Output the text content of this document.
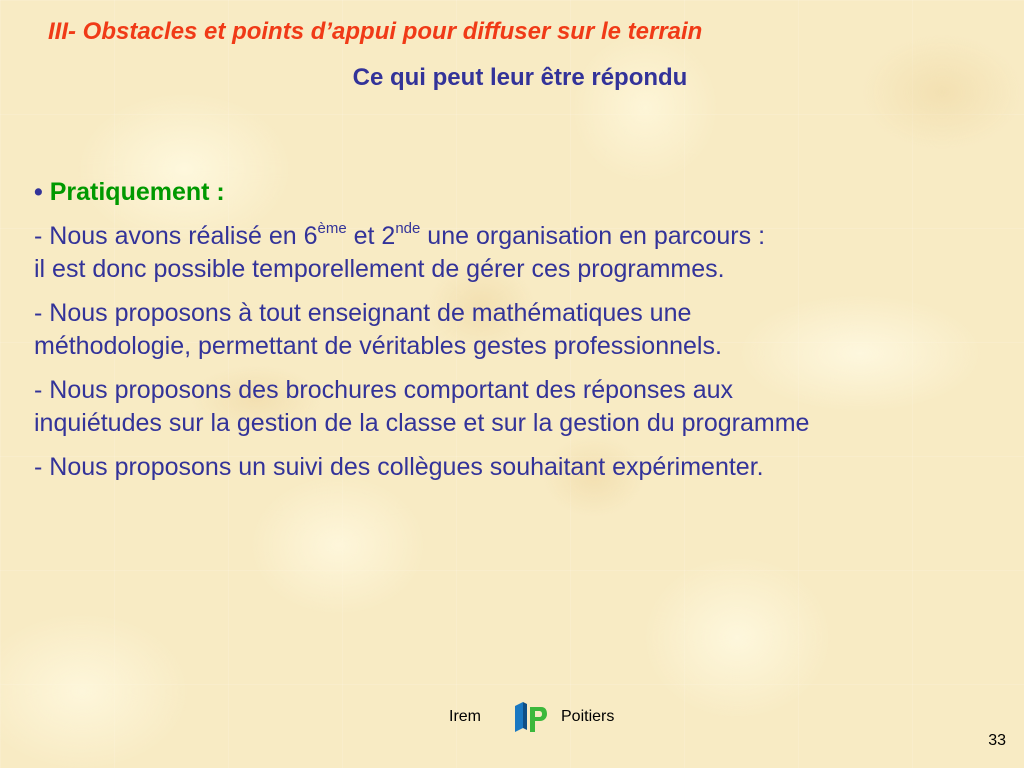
III- Obstacles et points d’appui pour diffuser sur le terrain
Ce qui peut leur être répondu

• Pratiquement :

- Nous avons réalisé en 6ème et 2nde une organisation en parcours :
il est donc possible temporellement de gérer ces programmes.

- Nous proposons à tout enseignant de mathématiques une
méthodologie, permettant de véritables gestes professionnels.

- Nous proposons des brochures comportant des réponses aux
inquiétudes sur la gestion de la classe et sur la gestion du programme

- Nous proposons un suivi des collègues souhaitant expérimenter.

Irem	Poitiers
33
